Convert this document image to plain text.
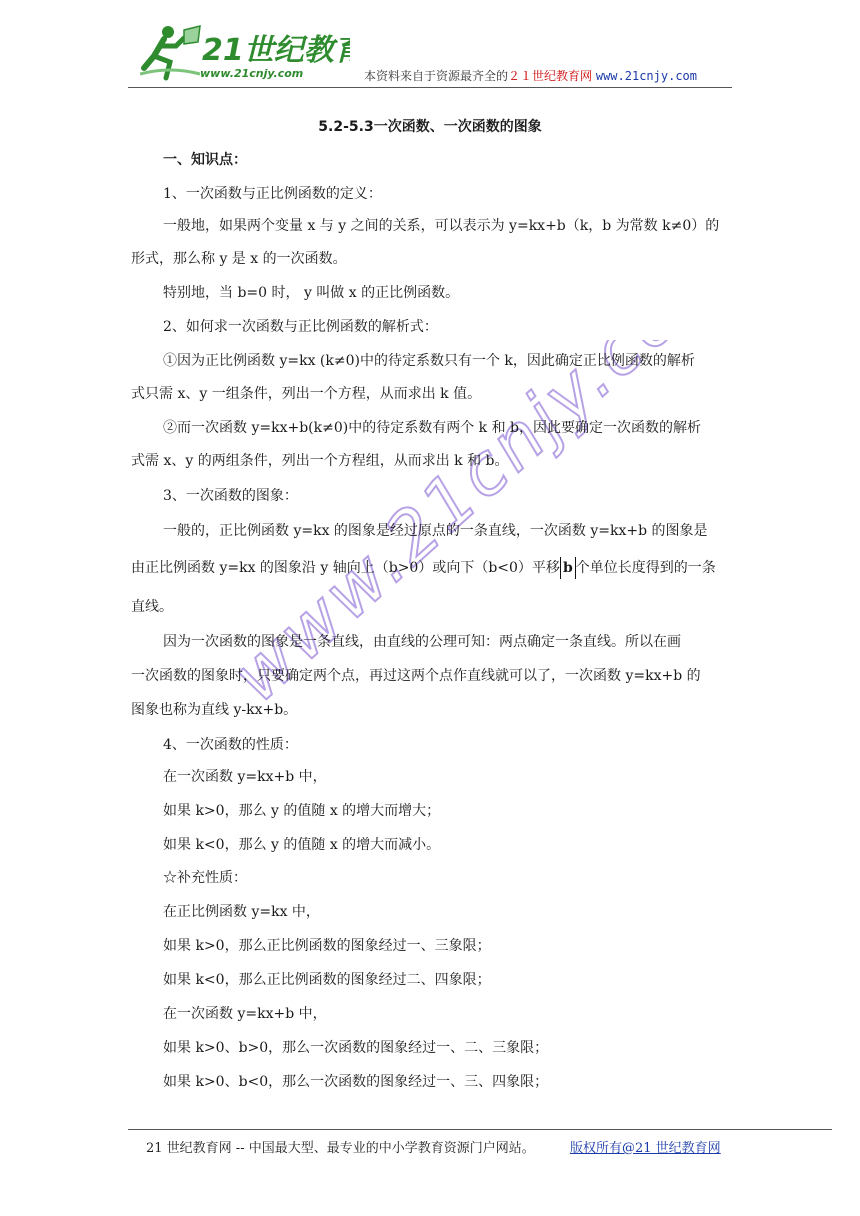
21世纪教育
www.21cnjy.com	本资料来自于资源最齐全的２１世纪教育网 www.21cnjy.com
www.21cnjy.com
5.2-5.3一次函数、一次函数的图象
一、知识点：
1、一次函数与正比例函数的定义：
一般地，如果两个变量 x 与 y 之间的关系，可以表示为 y=kx+b（k，b 为常数 k≠0）的
形式，那么称 y 是 x 的一次函数。
特别地，当 b=0 时， y 叫做 x 的正比例函数。
2、如何求一次函数与正比例函数的解析式：
①因为正比例函数 y=kx (k≠0)中的待定系数只有一个 k，因此确定正比例函数的解析
式只需 x、y 一组条件，列出一个方程，从而求出 k 值。
②而一次函数 y=kx+b(k≠0)中的待定系数有两个 k 和 b，因此要确定一次函数的解析
式需 x、y 的两组条件，列出一个方程组，从而求出 k 和 b。
3、一次函数的图象：
一般的，正比例函数 y=kx 的图象是经过原点的一条直线，一次函数 y=kx+b 的图象是
由正比例函数 y=kx 的图象沿 y 轴向上（b>0）或向下（b<0）平移 b 个单位长度得到的一条
直线。
因为一次函数的图象是一条直线，由直线的公理可知：两点确定一条直线。所以在画
一次函数的图象时，只要确定两个点，再过这两个点作直线就可以了，一次函数 y=kx+b 的
图象也称为直线 y-kx+b。
4、一次函数的性质：
在一次函数 y=kx+b 中，
如果 k>0，那么 y 的值随 x 的增大而增大；
如果 k<0，那么 y 的值随 x 的增大而减小。
☆补充性质：
在正比例函数 y=kx 中，
如果 k>0，那么正比例函数的图象经过一、三象限；
如果 k<0，那么正比例函数的图象经过二、四象限；
在一次函数 y=kx+b 中，
如果 k>0、b>0，那么一次函数的图象经过一、二、三象限；
如果 k>0、b<0，那么一次函数的图象经过一、三、四象限；
21 世纪教育网 -- 中国最大型、最专业的中小学教育资源门户网站。	版权所有@21 世纪教育网
